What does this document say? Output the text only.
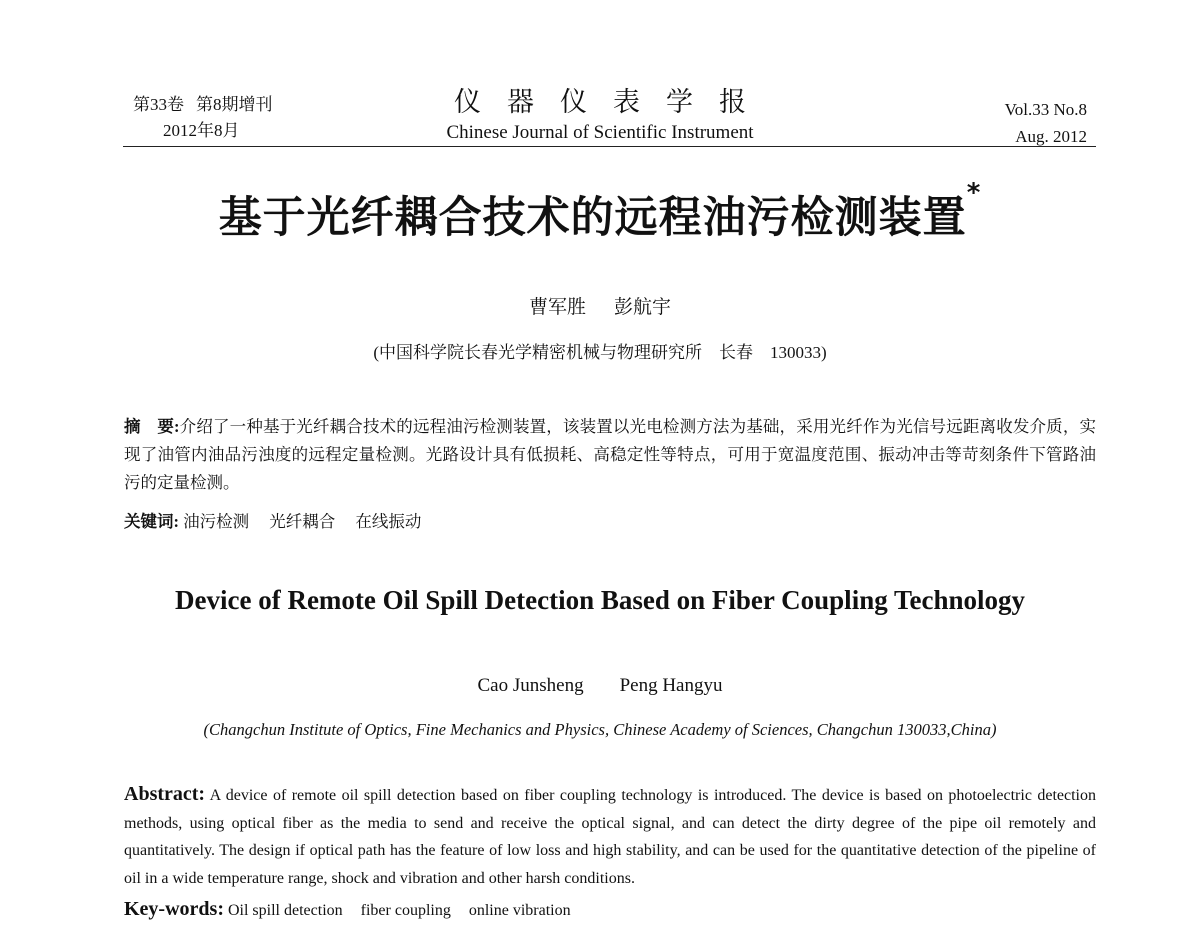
第33卷 第8期增刊
2012年8月
仪器仪表学报
Chinese Journal of Scientific Instrument
Vol.33 No.8
Aug. 2012
基于光纤耦合技术的远程油污检测装置*
曹军胜 彭航宇
(中国科学院长春光学精密机械与物理研究所　长春　130033)
摘　要:介绍了一种基于光纤耦合技术的远程油污检测装置，该装置以光电检测方法为基础，采用光纤作为光信号远距离收发介质，实现了油管内油品污浊度的远程定量检测。光路设计具有低损耗、高稳定性等特点，可用于宽温度范围、振动冲击等苛刻条件下管路油污的定量检测。
关键词: 油污检测 光纤耦合 在线振动
Device of Remote Oil Spill Detection Based on Fiber Coupling Technology
Cao Junsheng Peng Hangyu
(Changchun Institute of Optics, Fine Mechanics and Physics, Chinese Academy of Sciences, Changchun 130033,China)
Abstract: A device of remote oil spill detection based on fiber coupling technology is introduced. The device is based on photoelectric detection methods, using optical fiber as the media to send and receive the optical signal, and can detect the dirty degree of the pipe oil remotely and quantitatively. The design if optical path has the feature of low loss and high stability, and can be used for the quantitative detection of the pipeline of oil in a wide temperature range, shock and vibration and other harsh conditions.
Key-words: Oil spill detection fiber coupling online vibration
